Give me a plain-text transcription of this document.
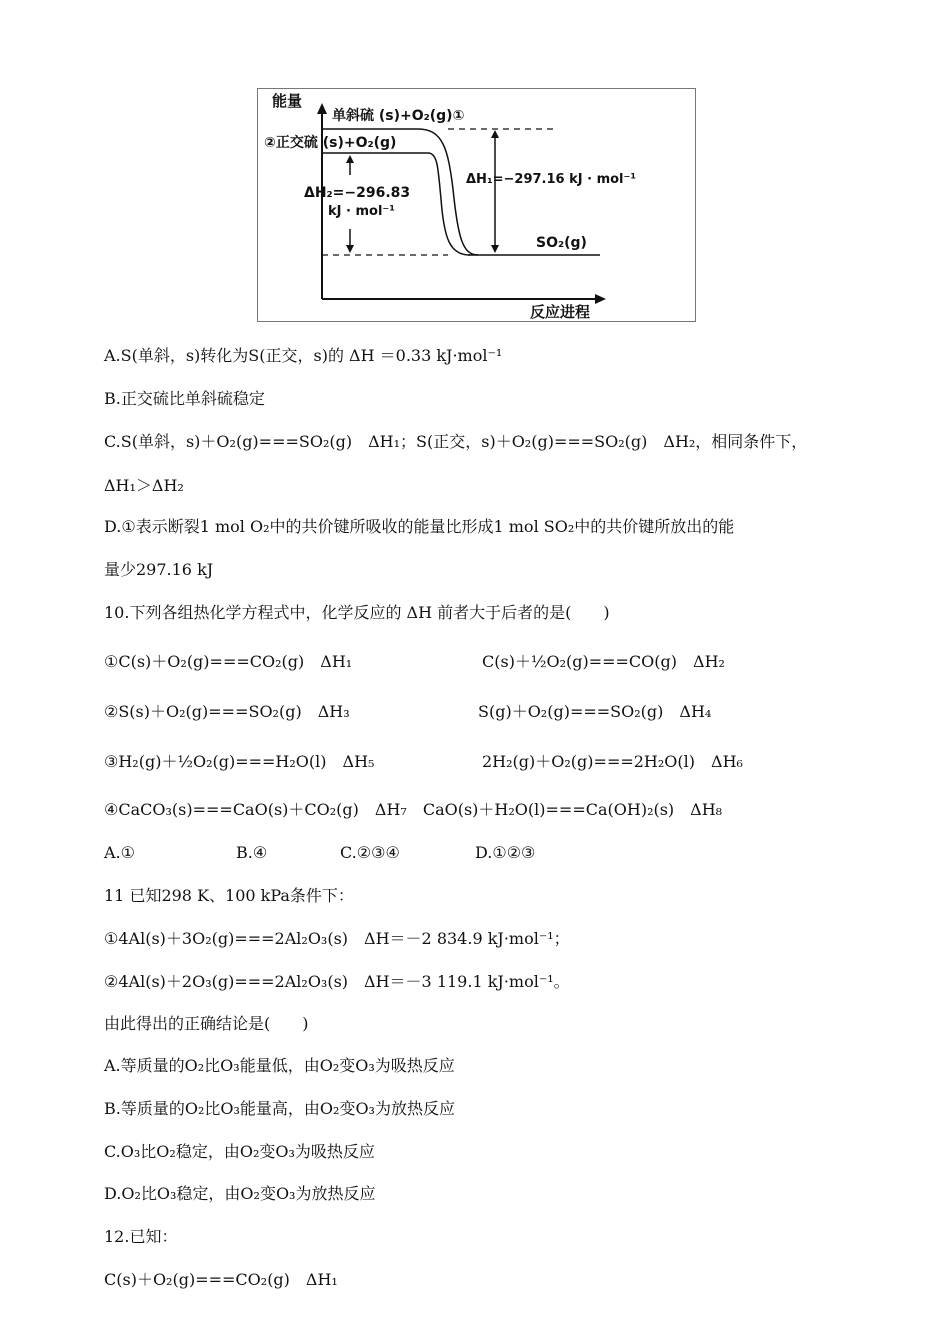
能量
反应进程
单斜硫 (s)+O₂(g)①
②正交硫 (s)+O₂(g)
ΔH₂=−296.83
kJ · mol⁻¹
ΔH₁=−297.16 kJ · mol⁻¹
SO₂(g)
A.S(单斜，s)转化为S(正交，s)的 ΔH ＝0.33 kJ·mol⁻¹
B.正交硫比单斜硫稳定
C.S(单斜，s)＋O₂(g)===SO₂(g)　ΔH₁；S(正交，s)＋O₂(g)===SO₂(g)　ΔH₂，相同条件下，
ΔH₁＞ΔH₂
D.①表示断裂1 mol O₂中的共价键所吸收的能量比形成1 mol SO₂中的共价键所放出的能
量少297.16 kJ
10.下列各组热化学方程式中，化学反应的 ΔH 前者大于后者的是(　　)
①C(s)＋O₂(g)===CO₂(g)　ΔH₁	C(s)＋½O₂(g)===CO(g)　ΔH₂
②S(s)＋O₂(g)===SO₂(g)　ΔH₃	S(g)＋O₂(g)===SO₂(g)　ΔH₄
③H₂(g)＋½O₂(g)===H₂O(l)　ΔH₅	2H₂(g)＋O₂(g)===2H₂O(l)　ΔH₆
④CaCO₃(s)===CaO(s)＋CO₂(g)　ΔH₇　CaO(s)＋H₂O(l)===Ca(OH)₂(s)　ΔH₈
A.①	B.④	C.②③④	D.①②③
11 已知298 K、100 kPa条件下：
①4Al(s)＋3O₂(g)===2Al₂O₃(s)　ΔH＝－2 834.9 kJ·mol⁻¹；
②4Al(s)＋2O₃(g)===2Al₂O₃(s)　ΔH＝－3 119.1 kJ·mol⁻¹。
由此得出的正确结论是(　　)
A.等质量的O₂比O₃能量低，由O₂变O₃为吸热反应
B.等质量的O₂比O₃能量高，由O₂变O₃为放热反应
C.O₃比O₂稳定，由O₂变O₃为吸热反应
D.O₂比O₃稳定，由O₂变O₃为放热反应
12.已知：
C(s)＋O₂(g)===CO₂(g)　ΔH₁
